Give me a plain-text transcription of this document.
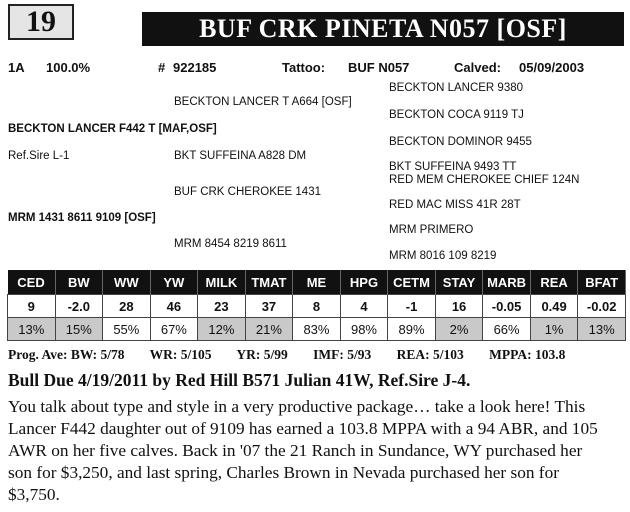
19	BUF CRK PINETA N057 [OSF]
1A 100.0%	# 922185	Tattoo: BUF N057	Calved: 05/09/2003
BECKTON LANCER T A664 [OSF]
BECKTON LANCER F442 T [MAF,OSF]
Ref.Sire L-1	BKT SUFFEINA A828 DM
BUF CRK CHEROKEE 1431
MRM 1431 8611 9109 [OSF]
MRM 8454 8219 8611
BECKTON LANCER 9380
BECKTON COCA 9119 TJ
BECKTON DOMINOR 9455
BKT SUFFEINA 9493 TT
RED MEM CHEROKEE CHIEF 124N
RED MAC MISS 41R 28T
MRM PRIMERO
MRM 8016 109 8219
CED	BW	WW	YW	MILK	TMAT	ME	HPG	CETM	STAY	MARB	REA	BFAT
9	-2.0	28	46	23	37	8	4	-1	16	-0.05	0.49	-0.02
13%	15%	55%	67%	12%	21%	83%	98%	89%	2%	66%	1%	13%
Prog. Ave: BW: 5/78 WR: 5/105 YR: 5/99 IMF: 5/93 REA: 5/103 MPPA: 103.8
Bull Due 4/19/2011 by Red Hill B571 Julian 41W, Ref.Sire J-4.
You talk about type and style in a very productive package… take a look here! This
Lancer F442 daughter out of 9109 has earned a 103.8 MPPA with a 94 ABR, and 105
AWR on her five calves. Back in '07 the 21 Ranch in Sundance, WY purchased her
son for $3,250, and last spring, Charles Brown in Nevada purchased her son for
$3,750.
